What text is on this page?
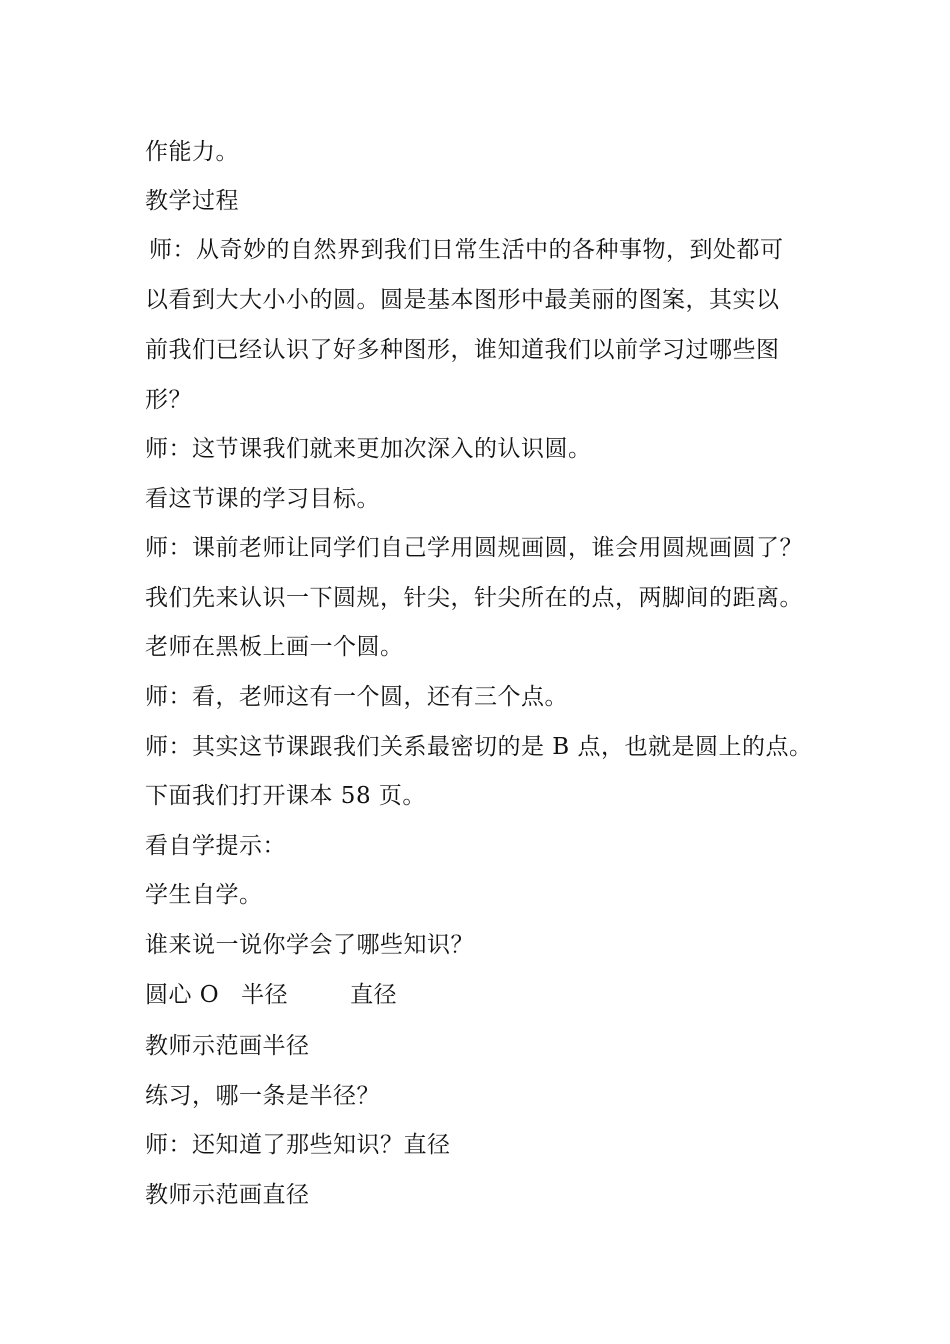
作能力。
教学过程
师：从奇妙的自然界到我们日常生活中的各种事物，到处都可
以看到大大小小的圆。圆是基本图形中最美丽的图案，其实以
前我们已经认识了好多种图形，谁知道我们以前学习过哪些图
形？
师：这节课我们就来更加次深入的认识圆。
看这节课的学习目标。
师：课前老师让同学们自己学用圆规画圆，谁会用圆规画圆了？
我们先来认识一下圆规，针尖，针尖所在的点，两脚间的距离。
老师在黑板上画一个圆。
师：看，老师这有一个圆，还有三个点。
师：其实这节课跟我们关系最密切的是 B 点，也就是圆上的点。
下面我们打开课本 58 页。
看自学提示：
学生自学。
谁来说一说你学会了哪些知识？
圆心 O 半径	直径
教师示范画半径
练习，哪一条是半径？
师：还知道了那些知识？直径
教师示范画直径
